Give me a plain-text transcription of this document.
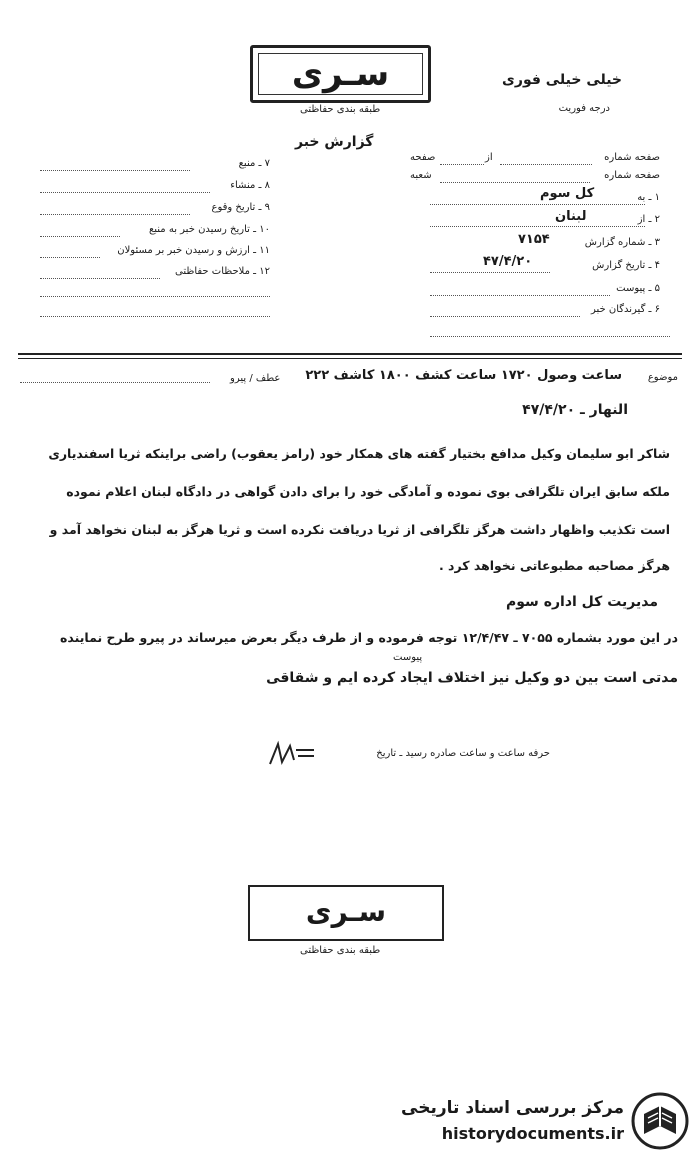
سـری
طبقه بندی حفاظتی
خیلی خیلی فوری
درجه فوریت
گزارش خبر
صفحه شماره
از
صفحه
صفحه شماره
شعبه
۱ ـ به
کل سوم
۲ ـ از
لبنان
۳ ـ شماره گزارش
۷۱۵۴
۴ ـ تاریخ گزارش
۴۷/۴/۲۰
۵ ـ پیوست
۶ ـ گیرندگان خبر
۷ ـ منبع
۸ ـ منشاء
۹ ـ تاریخ وقوع
۱۰ ـ تاریخ رسیدن خبر به منبع
۱۱ ـ ارزش و رسیدن خبر بر مسئولان
۱۲ ـ ملاحظات حفاظتی
موضوع
ساعت وصول ۱۷۲۰ ساعت کشف ۱۸۰۰ کاشف ۲۲۲
عطف / پیرو
النهار ـ ۴۷/۴/۲۰
شاکر ابو سلیمان وکیل مدافع بختیار گفته های همکار خود (رامز یعقوب) راضی براینکه ثریا اسفندیاری
ملکه سابق ایران تلگرافی بوی نموده و آمادگی خود را برای دادن گواهی در دادگاه لبنان اعلام نموده
است تکذیب واظهار داشت هرگز تلگرافی از ثریا دریافت نکرده است و ثریا هرگز به لبنان نخواهد آمد و
هرگز مصاحبه مطبوعاتی نخواهد کرد .
مدیریت کل اداره سوم
در این مورد بشماره ۷۰۵۵ ـ ۱۲/۴/۴۷ توجه فرموده و از طرف دیگر بعرض میرساند در پیرو طرح نماینده
پیوست
مدتی است بین دو وکیل نیز اختلاف ایجاد کرده ایم و شقاقی
حرفه ساعت و ساعت صادره رسید ـ تاریخ
سـری
طبقه بندی حفاظتی
مرکز بررسی اسناد تاریخی
historydocuments.ir
